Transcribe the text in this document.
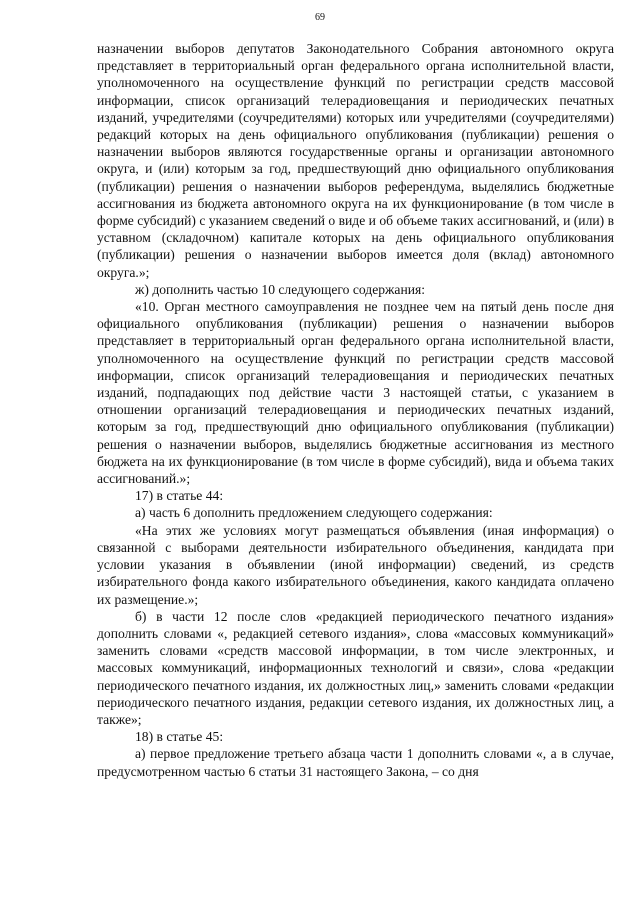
69

назначении выборов депутатов Законодательного Собрания автономного округа представляет в территориальный орган федерального органа исполнительной власти, уполномоченного на осуществление функций по регистрации средств массовой информации, список организаций телерадиовещания и периодических печатных изданий, учредителями (соучредителями) которых или учредителями (соучредителями) редакций которых на день официального опубликования (публикации) решения о назначении выборов являются государственные органы и организации автономного округа, и (или) которым за год, предшествующий дню официального опубликования (публикации) решения о назначении выборов референдума, выделялись бюджетные ассигнования из бюджета автономного округа на их функционирование (в том числе в форме субсидий) с указанием сведений о виде и об объеме таких ассигнований, и (или) в уставном (складочном) капитале которых на день официального опубликования (публикации) решения о назначении выборов имеется доля (вклад) автономного округа.»;

ж) дополнить частью 10 следующего содержания:

«10. Орган местного самоуправления не позднее чем на пятый день после дня официального опубликования (публикации) решения о назначении выборов представляет в территориальный орган федерального органа исполнительной власти, уполномоченного на осуществление функций по регистрации средств массовой информации, список организаций телерадиовещания и периодических печатных изданий, подпадающих под действие части 3 настоящей статьи, с указанием в отношении организаций телерадиовещания и периодических печатных изданий, которым за год, предшествующий дню официального опубликования (публикации) решения о назначении выборов, выделялись бюджетные ассигнования из местного бюджета на их функционирование (в том числе в форме субсидий), вида и объема таких ассигнований.»;

17) в статье 44:

а) часть 6 дополнить предложением следующего содержания:

«На этих же условиях могут размещаться объявления (иная информация) о связанной с выборами деятельности избирательного объединения, кандидата при условии указания в объявлении (иной информации) сведений, из средств избирательного фонда какого избирательного объединения, какого кандидата оплачено их размещение.»;

б) в части 12 после слов «редакцией периодического печатного издания» дополнить словами «, редакцией сетевого издания», слова «массовых коммуникаций» заменить словами «средств массовой информации, в том числе электронных, и массовых коммуникаций, информационных технологий и связи», слова «редакции периодического печатного издания, их должностных лиц,» заменить словами «редакции периодического печатного издания, редакции сетевого издания, их должностных лиц, а также»;

18) в статье 45:

а) первое предложение третьего абзаца части 1 дополнить словами «, а в случае, предусмотренном частью 6 статьи 31 настоящего Закона, – со дня
